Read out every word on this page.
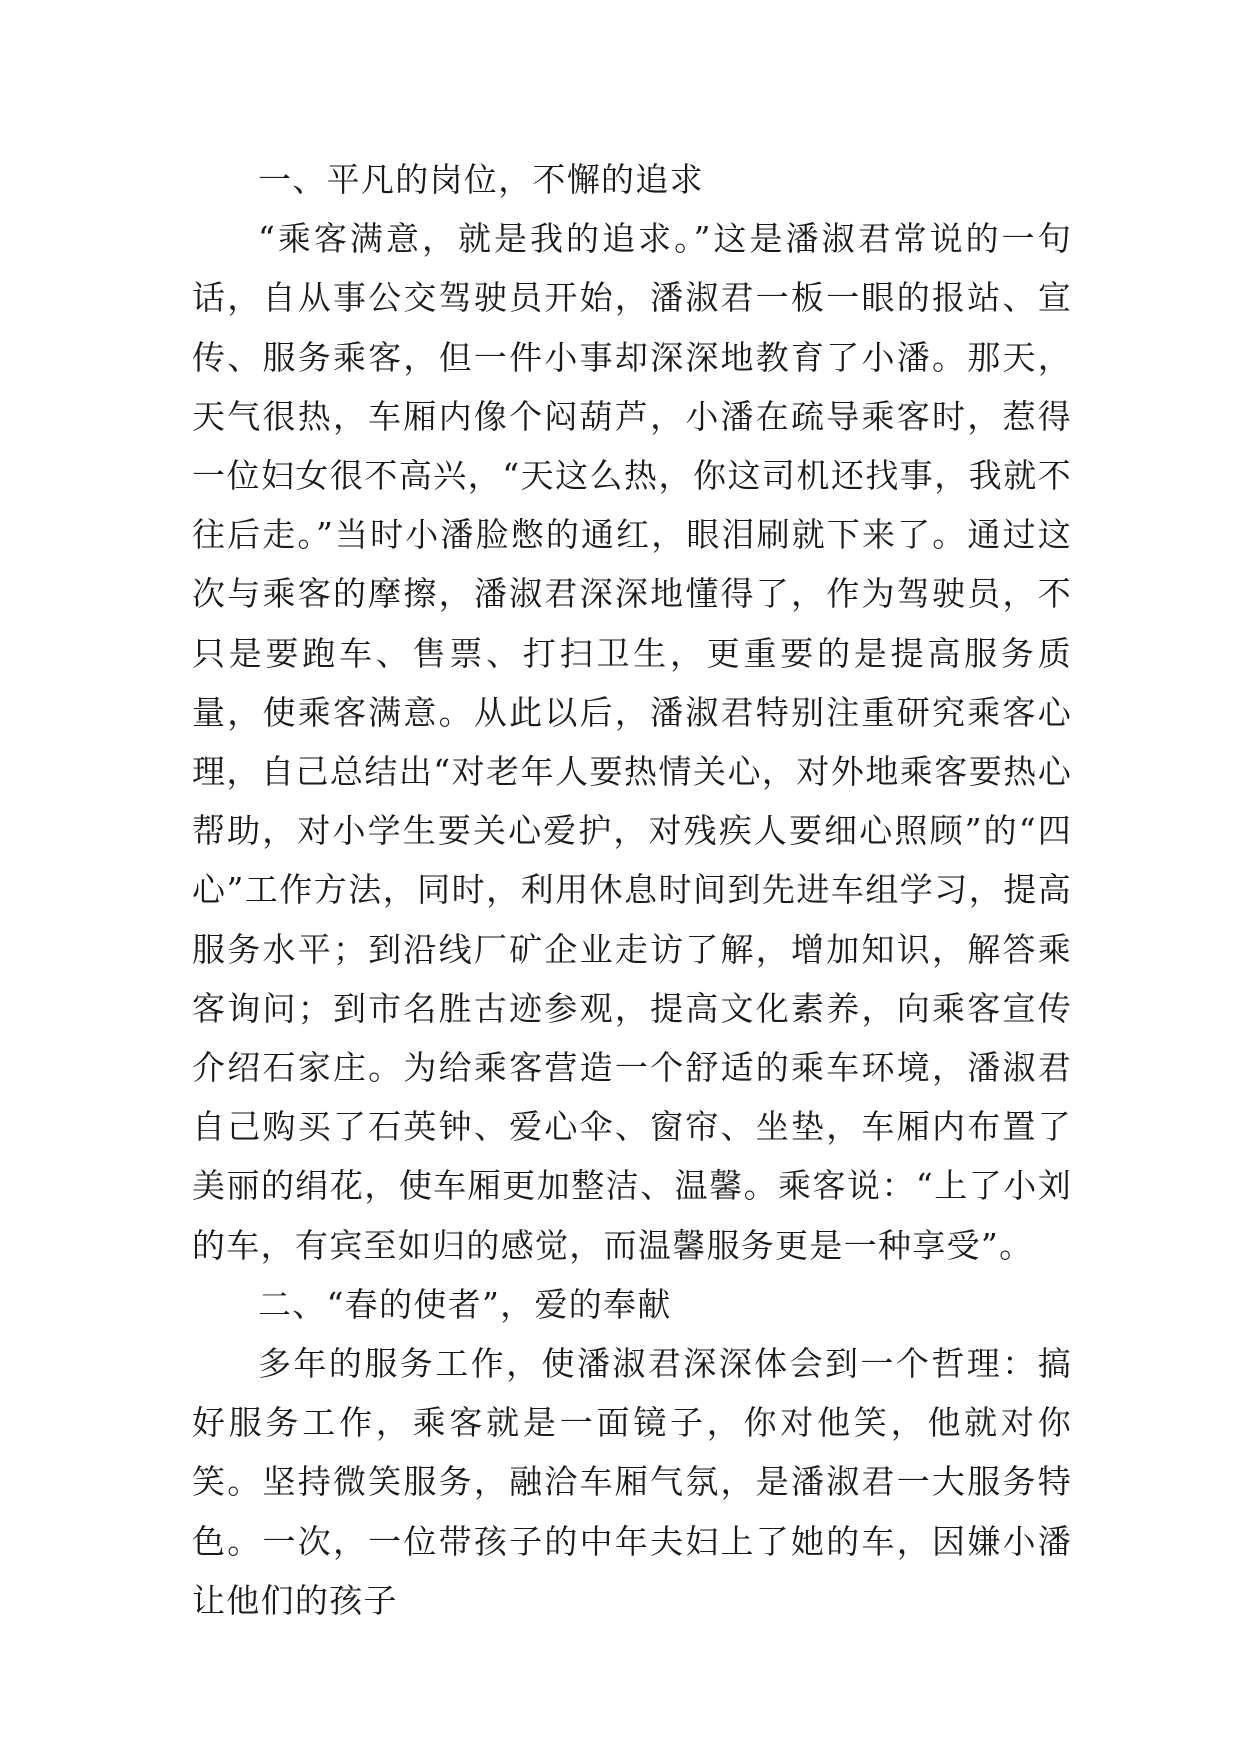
一、平凡的岗位，不懈的追求

“乘客满意，就是我的追求。”这是潘淑君常说的一句话，自从事公交驾驶员开始，潘淑君一板一眼的报站、宣传、服务乘客，但一件小事却深深地教育了小潘。那天，天气很热，车厢内像个闷葫芦，小潘在疏导乘客时，惹得一位妇女很不高兴，“天这么热，你这司机还找事，我就不往后走。”当时小潘脸憋的通红，眼泪刷就下来了。通过这次与乘客的摩擦，潘淑君深深地懂得了，作为驾驶员，不只是要跑车、售票、打扫卫生，更重要的是提高服务质量，使乘客满意。从此以后，潘淑君特别注重研究乘客心理，自己总结出“对老年人要热情关心，对外地乘客要热心帮助，对小学生要关心爱护，对残疾人要细心照顾”的“四心”工作方法，同时，利用休息时间到先进车组学习，提高服务水平；到沿线厂矿企业走访了解，增加知识，解答乘客询问；到市名胜古迹参观，提高文化素养，向乘客宣传介绍石家庄。为给乘客营造一个舒适的乘车环境，潘淑君自己购买了石英钟、爱心伞、窗帘、坐垫，车厢内布置了美丽的绢花，使车厢更加整洁、温馨。乘客说：“上了小刘的车，有宾至如归的感觉，而温馨服务更是一种享受”。

二、“春的使者”，爱的奉献

多年的服务工作，使潘淑君深深体会到一个哲理：搞好服务工作，乘客就是一面镜子，你对他笑，他就对你笑。坚持微笑服务，融洽车厢气氛，是潘淑君一大服务特色。一次，一位带孩子的中年夫妇上了她的车，因嫌小潘让他们的孩子
